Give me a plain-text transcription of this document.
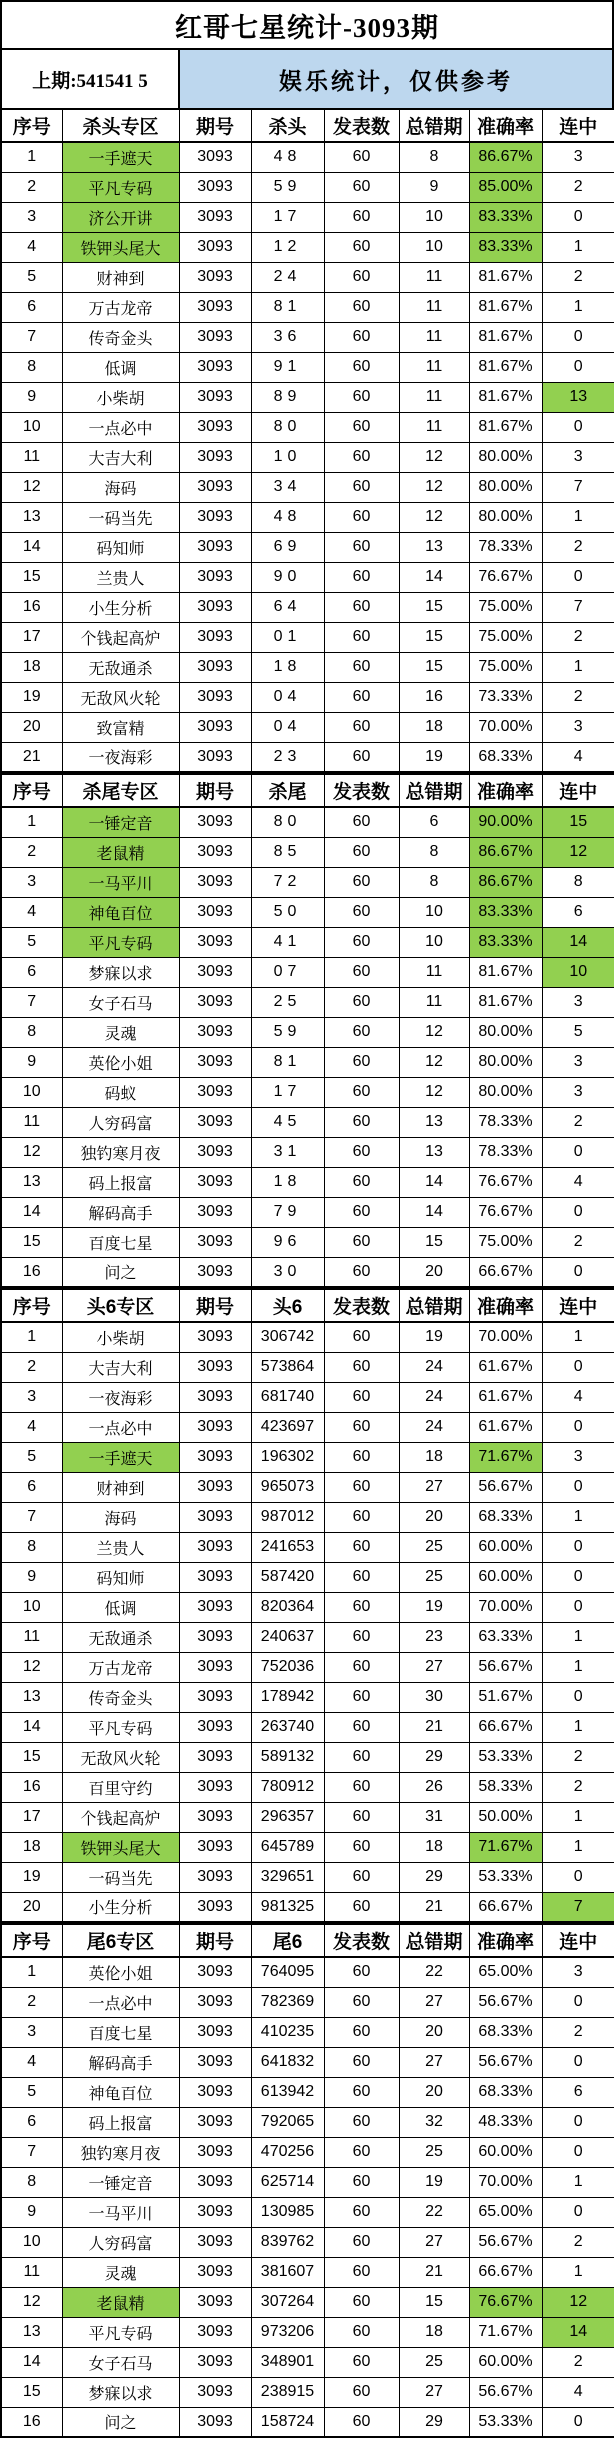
红哥七星统计-3093期
上期:541541 5	娱乐统计，仅供参考
序号	杀头专区	期号	杀头	发表数	总错期	准确率	连中
1	一手遮天	3093	48	60	8	86.67%	3
2	平凡专码	3093	59	60	9	85.00%	2
3	济公开讲	3093	17	60	10	83.33%	0
4	铁钾头尾大	3093	12	60	10	83.33%	1
5	财神到	3093	24	60	11	81.67%	2
6	万古龙帝	3093	81	60	11	81.67%	1
7	传奇金头	3093	36	60	11	81.67%	0
8	低调	3093	91	60	11	81.67%	0
9	小柴胡	3093	89	60	11	81.67%	13
10	一点必中	3093	80	60	11	81.67%	0
11	大吉大利	3093	10	60	12	80.00%	3
12	海码	3093	34	60	12	80.00%	7
13	一码当先	3093	48	60	12	80.00%	1
14	码知师	3093	69	60	13	78.33%	2
15	兰贵人	3093	90	60	14	76.67%	0
16	小生分析	3093	64	60	15	75.00%	7
17	个钱起高炉	3093	01	60	15	75.00%	2
18	无敌通杀	3093	18	60	15	75.00%	1
19	无敌风火轮	3093	04	60	16	73.33%	2
20	致富精	3093	04	60	18	70.00%	3
21	一夜海彩	3093	23	60	19	68.33%	4
序号	杀尾专区	期号	杀尾	发表数	总错期	准确率	连中
1	一锤定音	3093	80	60	6	90.00%	15
2	老鼠精	3093	85	60	8	86.67%	12
3	一马平川	3093	72	60	8	86.67%	8
4	神龟百位	3093	50	60	10	83.33%	6
5	平凡专码	3093	41	60	10	83.33%	14
6	梦寐以求	3093	07	60	11	81.67%	10
7	女子石马	3093	25	60	11	81.67%	3
8	灵魂	3093	59	60	12	80.00%	5
9	英伦小姐	3093	81	60	12	80.00%	3
10	码蚁	3093	17	60	12	80.00%	3
11	人穷码富	3093	45	60	13	78.33%	2
12	独钓寒月夜	3093	31	60	13	78.33%	0
13	码上报富	3093	18	60	14	76.67%	4
14	解码高手	3093	79	60	14	76.67%	0
15	百度七星	3093	96	60	15	75.00%	2
16	问之	3093	30	60	20	66.67%	0
序号	头6专区	期号	头6	发表数	总错期	准确率	连中
1	小柴胡	3093	306742	60	19	70.00%	1
2	大吉大利	3093	573864	60	24	61.67%	0
3	一夜海彩	3093	681740	60	24	61.67%	4
4	一点必中	3093	423697	60	24	61.67%	0
5	一手遮天	3093	196302	60	18	71.67%	3
6	财神到	3093	965073	60	27	56.67%	0
7	海码	3093	987012	60	20	68.33%	1
8	兰贵人	3093	241653	60	25	60.00%	0
9	码知师	3093	587420	60	25	60.00%	0
10	低调	3093	820364	60	19	70.00%	0
11	无敌通杀	3093	240637	60	23	63.33%	1
12	万古龙帝	3093	752036	60	27	56.67%	1
13	传奇金头	3093	178942	60	30	51.67%	0
14	平凡专码	3093	263740	60	21	66.67%	1
15	无敌风火轮	3093	589132	60	29	53.33%	2
16	百里守约	3093	780912	60	26	58.33%	2
17	个钱起高炉	3093	296357	60	31	50.00%	1
18	铁钾头尾大	3093	645789	60	18	71.67%	1
19	一码当先	3093	329651	60	29	53.33%	0
20	小生分析	3093	981325	60	21	66.67%	7
序号	尾6专区	期号	尾6	发表数	总错期	准确率	连中
1	英伦小姐	3093	764095	60	22	65.00%	3
2	一点必中	3093	782369	60	27	56.67%	0
3	百度七星	3093	410235	60	20	68.33%	2
4	解码高手	3093	641832	60	27	56.67%	0
5	神龟百位	3093	613942	60	20	68.33%	6
6	码上报富	3093	792065	60	32	48.33%	0
7	独钓寒月夜	3093	470256	60	25	60.00%	0
8	一锤定音	3093	625714	60	19	70.00%	1
9	一马平川	3093	130985	60	22	65.00%	0
10	人穷码富	3093	839762	60	27	56.67%	2
11	灵魂	3093	381607	60	21	66.67%	1
12	老鼠精	3093	307264	60	15	76.67%	12
13	平凡专码	3093	973206	60	18	71.67%	14
14	女子石马	3093	348901	60	25	60.00%	2
15	梦寐以求	3093	238915	60	27	56.67%	4
16	问之	3093	158724	60	29	53.33%	0
